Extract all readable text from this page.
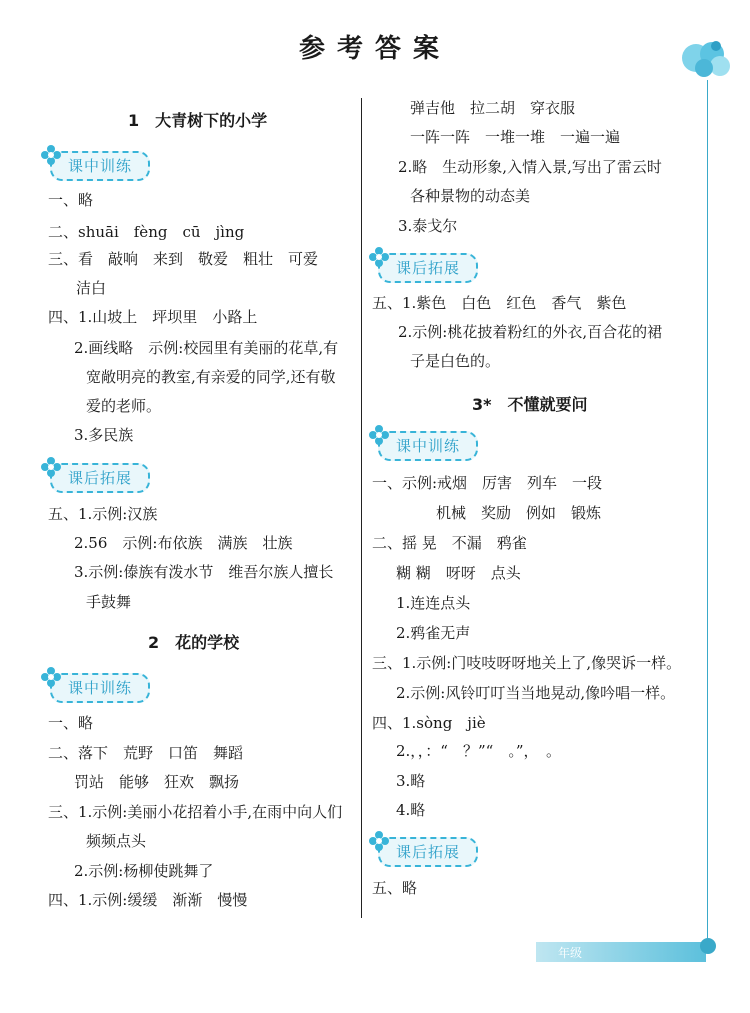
参考答案
1　大青树下的小学
课中训练
一、略
二、shuāi　fèng　cū　jìng
三、看　敲响　来到　敬爱　粗壮　可爱
洁白
四、1.山坡上　坪坝里　小路上
2.画线略　示例:校园里有美丽的花草,有
宽敞明亮的教室,有亲爱的同学,还有敬
爱的老师。
3.多民族
课后拓展
五、1.示例:汉族
2.56　示例:布依族　满族　壮族
3.示例:傣族有泼水节　维吾尔族人擅长
手鼓舞
2　花的学校
课中训练
一、略
二、落下　荒野　口笛　舞蹈
罚站　能够　狂欢　飘扬
三、1.示例:美丽小花招着小手,在雨中向人们
频频点头
2.示例:杨柳使跳舞了
四、1.示例:缓缓　渐渐　慢慢
弹吉他　拉二胡　穿衣服
一阵一阵　一堆一堆　一遍一遍
2.略　生动形象,入情入景,写出了雷云时
各种景物的动态美
3.泰戈尔
课后拓展
五、1.紫色　白色　红色　香气　紫色
2.示例:桃花披着粉红的外衣,百合花的裙
子是白色的。
3*　不懂就要问
课中训练
一、示例:戒烟　厉害　列车　一段
机械　奖励　例如　锻炼
二、摇 晃　不漏　鸦雀
糊 糊　呀呀　点头
1.连连点头
2.鸦雀无声
三、1.示例:门吱吱呀呀地关上了,像哭诉一样。
2.示例:风铃叮叮当当地晃动,像吟唱一样。
四、1.sòng　jiè
2.，，：“　？”“　。”，　。
3.略
4.略
课后拓展
五、略
年级
